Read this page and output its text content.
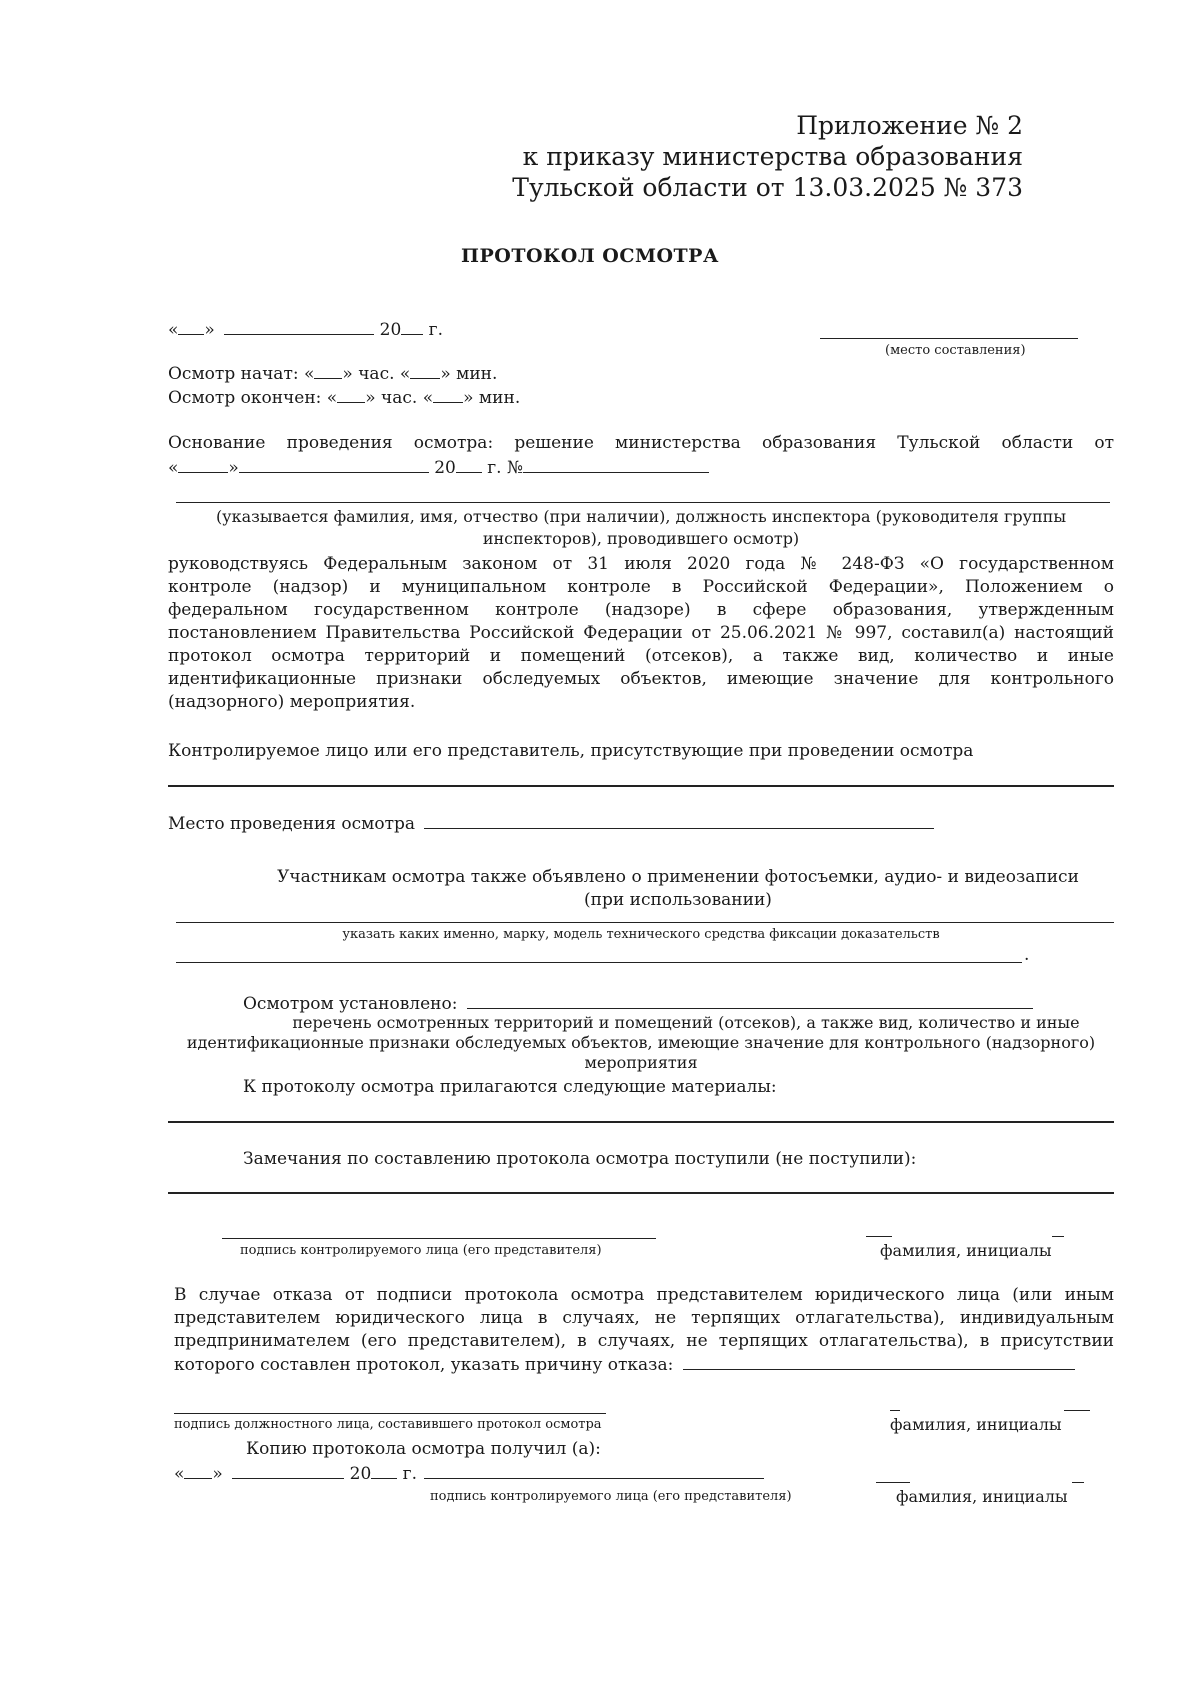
Приложение № 2
к приказу министерства образования
Тульской области от 13.03.2025 № 373
ПРОТОКОЛ ОСМОТРА
« »	20 г.
(место составления)
Осмотр начат: « » час. « » мин.
Осмотр окончен: « » час. « » мин.
Основание проведения осмотра: решение министерства образования Тульской области от
«	»	20 г. №
(указывается фамилия, имя, отчество (при наличии), должность инспектора (руководителя группы
инспекторов), проводившего осмотр)
руководствуясь Федеральным законом от 31 июля 2020 года № 248-ФЗ «О государственном
контроле (надзор) и муниципальном контроле в Российской Федерации», Положением о
федеральном государственном контроле (надзоре) в сфере образования, утвержденным
постановлением Правительства Российской Федерации от 25.06.2021 № 997, составил(а) настоящий
протокол осмотра территорий и помещений (отсеков), а также вид, количество и иные
идентификационные признаки обследуемых объектов, имеющие значение для контрольного
(надзорного) мероприятия.
Контролируемое лицо или его представитель, присутствующие при проведении осмотра
Место проведения осмотра
Участникам осмотра также объявлено о применении фотосъемки, аудио- и видеозаписи
(при использовании)
указать каких именно, марку, модель технического средства фиксации доказательств
.
Осмотром установлено:
перечень осмотренных территорий и помещений (отсеков), а также вид, количество и иные
идентификационные признаки обследуемых объектов, имеющие значение для контрольного (надзорного)
мероприятия
К протоколу осмотра прилагаются следующие материалы:
Замечания по составлению протокола осмотра поступили (не поступили):
подпись контролируемого лица (его представителя)	фамилия, инициалы
В случае отказа от подписи протокола осмотра представителем юридического лица (или иным
представителем юридического лица в случаях, не терпящих отлагательства), индивидуальным
предпринимателем (его представителем), в случаях, не терпящих отлагательства), в присутствии
которого составлен протокол, указать причину отказа:
подпись должностного лица, составившего протокол осмотра	фамилия, инициалы
Копию протокола осмотра получил (а):
« »	20 г.
подпись контролируемого лица (его представителя)	фамилия, инициалы
